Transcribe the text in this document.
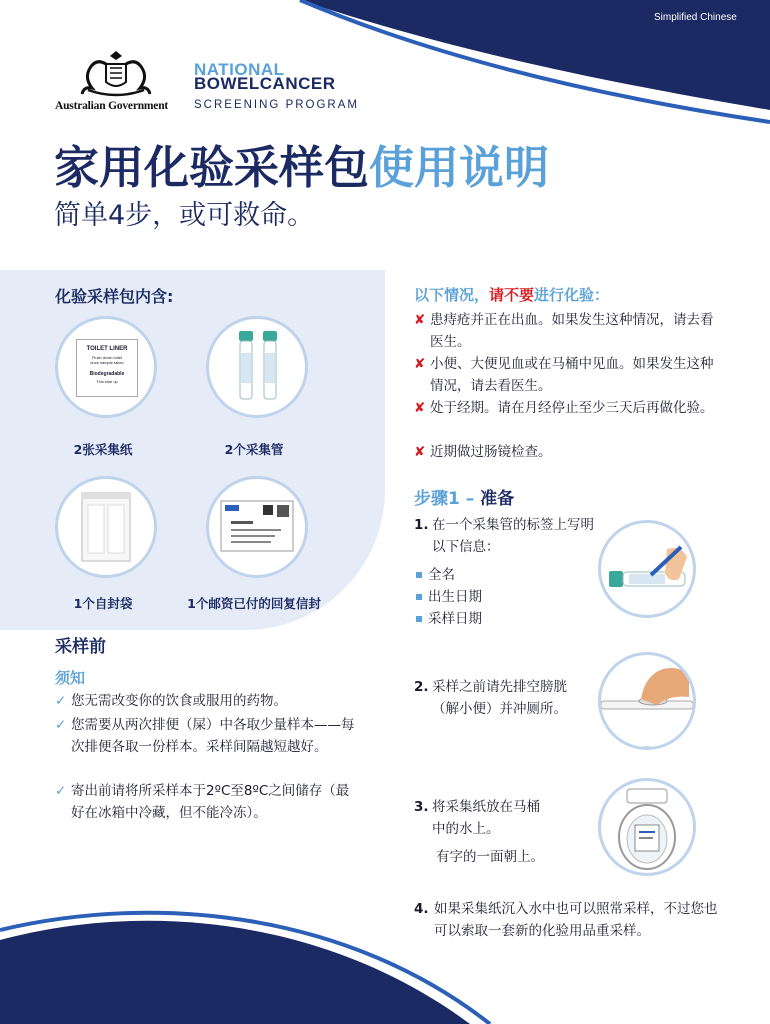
Simplified Chinese
Australian Government
NATIONAL
BOWELCANCER
SCREENING PROGRAM
家用化验采样包使用说明
简单4步，或可救命。
化验采样包内含:
TOILET LINER
Flush down toilet
once sample taken
Biodegradable
This side up
2张采集纸	2个采集管
1个自封袋	1个邮资已付的回复信封
采样前
须知
✓ 您无需改变你的饮食或服用的药物。
✓ 您需要从两次排便（屎）中各取少量样本——每次排便各取一份样本。采样间隔越短越好。
✓ 寄出前请将所采样本于2ºC至8ºC之间储存（最好在冰箱中冷藏，但不能冷冻）。
以下情况，请不要进行化验：
✘ 患痔疮并正在出血。如果发生这种情况，请去看医生。
✘ 小便、大便见血或在马桶中见血。如果发生这种情况，请去看医生。
✘ 处于经期。请在月经停止至少三天后再做化验。
✘ 近期做过肠镜检查。
步骤1 – 准备
1. 在一个采集管的标签上写明以下信息：
全名
出生日期
采样日期
2. 采样之前请先排空膀胱（解小便）并冲厕所。
3. 将采集纸放在马桶中的水上。
有字的一面朝上。
4. 如果采集纸沉入水中也可以照常采样，不过您也可以索取一套新的化验用品重采样。
